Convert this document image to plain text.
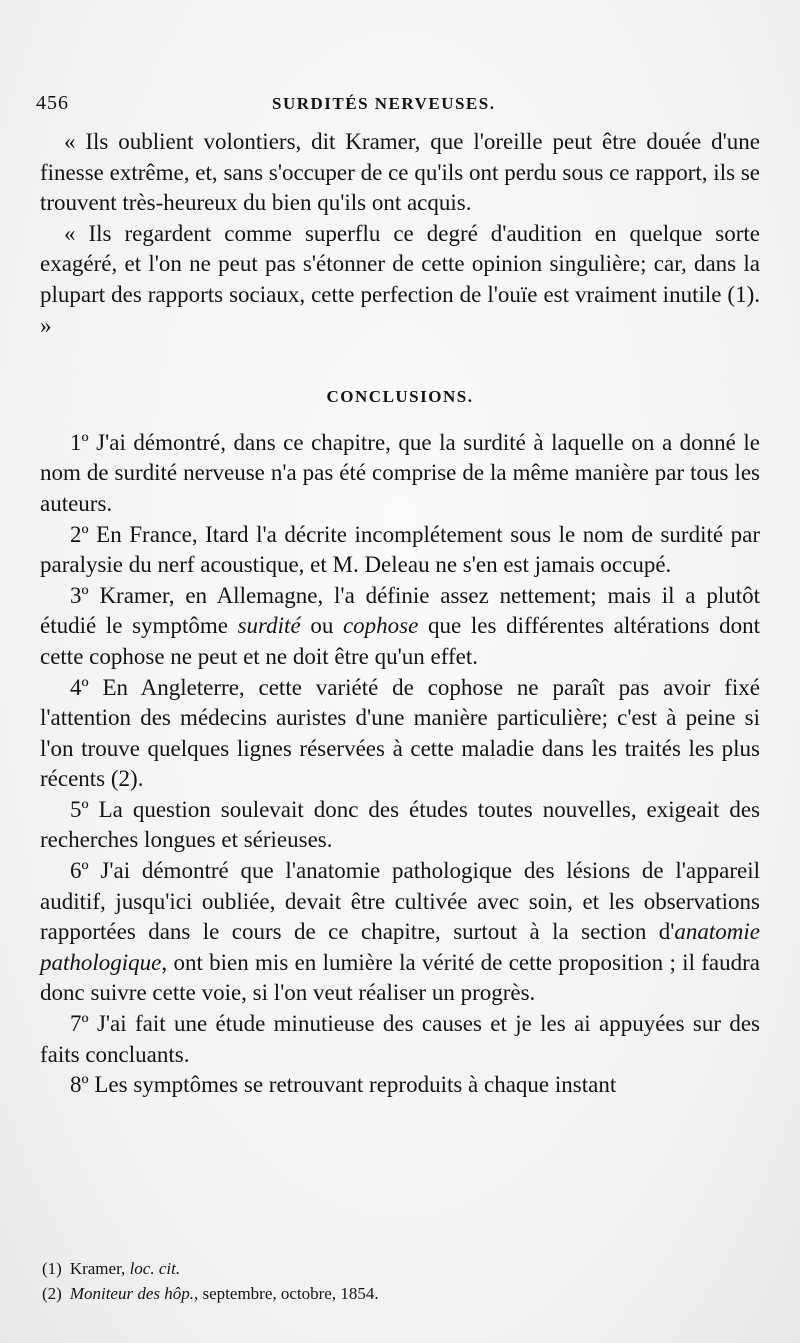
456	SURDITÉS NERVEUSES.

« Ils oublient volontiers, dit Kramer, que l'oreille peut être douée d'une finesse extrême, et, sans s'occuper de ce qu'ils ont perdu sous ce rapport, ils se trouvent très-heureux du bien qu'ils ont acquis.

« Ils regardent comme superflu ce degré d'audition en quelque sorte exagéré, et l'on ne peut pas s'étonner de cette opinion singulière; car, dans la plupart des rapports sociaux, cette perfection de l'ouïe est vraiment inutile (1). »

CONCLUSIONS.

1º J'ai démontré, dans ce chapitre, que la surdité à laquelle on a donné le nom de surdité nerveuse n'a pas été comprise de la même manière par tous les auteurs.

2º En France, Itard l'a décrite incomplétement sous le nom de surdité par paralysie du nerf acoustique, et M. Deleau ne s'en est jamais occupé.

3º Kramer, en Allemagne, l'a définie assez nettement; mais il a plutôt étudié le symptôme surdité ou cophose que les différentes altérations dont cette cophose ne peut et ne doit être qu'un effet.

4º En Angleterre, cette variété de cophose ne paraît pas avoir fixé l'attention des médecins auristes d'une manière particulière; c'est à peine si l'on trouve quelques lignes réservées à cette maladie dans les traités les plus récents (2).

5º La question soulevait donc des études toutes nouvelles, exigeait des recherches longues et sérieuses.

6º J'ai démontré que l'anatomie pathologique des lésions de l'appareil auditif, jusqu'ici oubliée, devait être cultivée avec soin, et les observations rapportées dans le cours de ce chapitre, surtout à la section d'anatomie pathologique, ont bien mis en lumière la vérité de cette proposition ; il faudra donc suivre cette voie, si l'on veut réaliser un progrès.

7º J'ai fait une étude minutieuse des causes et je les ai appuyées sur des faits concluants.

8º Les symptômes se retrouvant reproduits à chaque instant

(1) Kramer, loc. cit.

(2) Moniteur des hôp., septembre, octobre, 1854.
